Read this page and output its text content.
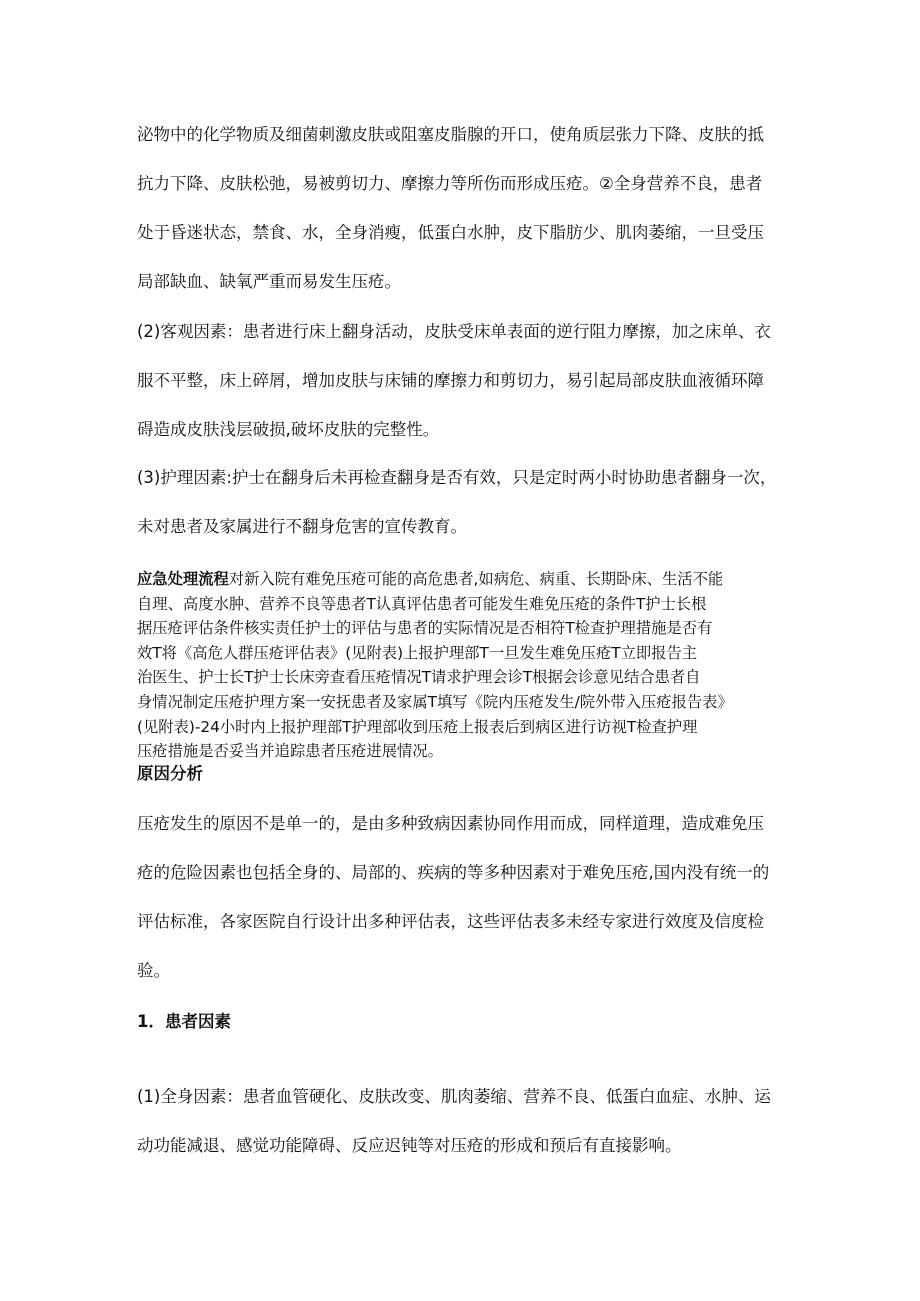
泌物中的化学物质及细菌刺激皮肤或阻塞皮脂腺的开口，使角质层张力下降、皮肤的抵
抗力下降、皮肤松弛，易被剪切力、摩擦力等所伤而形成压疮。②全身营养不良，患者
处于昏迷状态，禁食、水，全身消瘦，低蛋白水肿，皮下脂肪少、肌肉萎缩，一旦受压
局部缺血、缺氧严重而易发生压疮。
(2)客观因素：患者进行床上翻身活动，皮肤受床单表面的逆行阻力摩擦，加之床单、衣
服不平整，床上碎屑，增加皮肤与床铺的摩擦力和剪切力，易引起局部皮肤血液循环障
碍造成皮肤浅层破损,破坏皮肤的完整性。
(3)护理因素:护士在翻身后未再检查翻身是否有效，只是定时两小时协助患者翻身一次，
未对患者及家属进行不翻身危害的宣传教育。
应急处理流程对新入院有难免压疮可能的高危患者,如病危、病重、长期卧床、生活不能
自理、高度水肿、营养不良等患者T认真评估患者可能发生难免压疮的条件T护士长根
据压疮评估条件核实责任护士的评估与患者的实际情况是否相符T检查护理措施是否有
效T将《高危人群压疮评估表》(见附表)上报护理部T一旦发生难免压疮T立即报告主
治医生、护士长T护士长床旁查看压疮情况T请求护理会诊T根据会诊意见结合患者自
身情况制定压疮护理方案一安抚患者及家属T填写《院内压疮发生/院外带入压疮报告表》
(见附表)-24小时内上报护理部T护理部收到压疮上报表后到病区进行访视T检查护理
压疮措施是否妥当并追踪患者压疮进展情况。
原因分析
压疮发生的原因不是单一的，是由多种致病因素协同作用而成，同样道理，造成难免压
疮的危险因素也包括全身的、局部的、疾病的等多种因素对于难免压疮,国内没有统一的
评估标准，各家医院自行设计出多种评估表，这些评估表多未经专家进行效度及信度检
验。
1．患者因素
(1)全身因素：患者血管硬化、皮肤改变、肌肉萎缩、营养不良、低蛋白血症、水肿、运
动功能减退、感觉功能障碍、反应迟钝等对压疮的形成和预后有直接影响。
